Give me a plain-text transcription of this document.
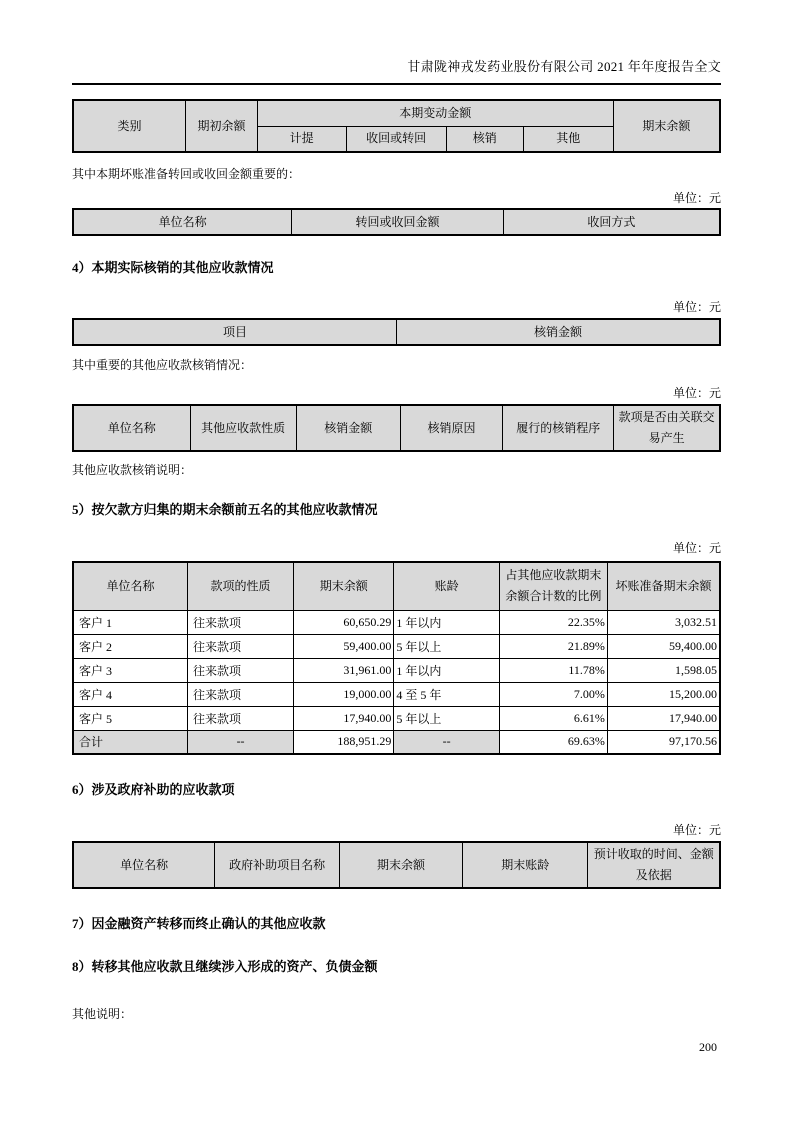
甘肃陇神戎发药业股份有限公司 2021 年年度报告全文
类别	期初余额	本期变动金额				期末余额
		计提	收回或转回	核销	其他	

其中本期坏账准备转回或收回金额重要的：

单位：元

单位名称	转回或收回金额	收回方式

4）本期实际核销的其他应收款情况

单位：元

项目	核销金额

其中重要的其他应收款核销情况：

单位：元

单位名称	其他应收款性质	核销金额	核销原因	履行的核销程序	款项是否由关联交易产生

其他应收款核销说明：

5）按欠款方归集的期末余额前五名的其他应收款情况

单位：元

单位名称	款项的性质	期末余额	账龄	占其他应收款期末余额合计数的比例	坏账准备期末余额
客户 1	往来款项	60,650.29	1 年以内	22.35%	3,032.51
客户 2	往来款项	59,400.00	5 年以上	21.89%	59,400.00
客户 3	往来款项	31,961.00	1 年以内	11.78%	1,598.05
客户 4	往来款项	19,000.00	4 至 5 年	7.00%	15,200.00
客户 5	往来款项	17,940.00	5 年以上	6.61%	17,940.00
合计	--	188,951.29	--	69.63%	97,170.56

6）涉及政府补助的应收款项

单位：元

单位名称	政府补助项目名称	期末余额	期末账龄	预计收取的时间、金额及依据

7）因金融资产转移而终止确认的其他应收款

8）转移其他应收款且继续涉入形成的资产、负债金额

其他说明：

200
